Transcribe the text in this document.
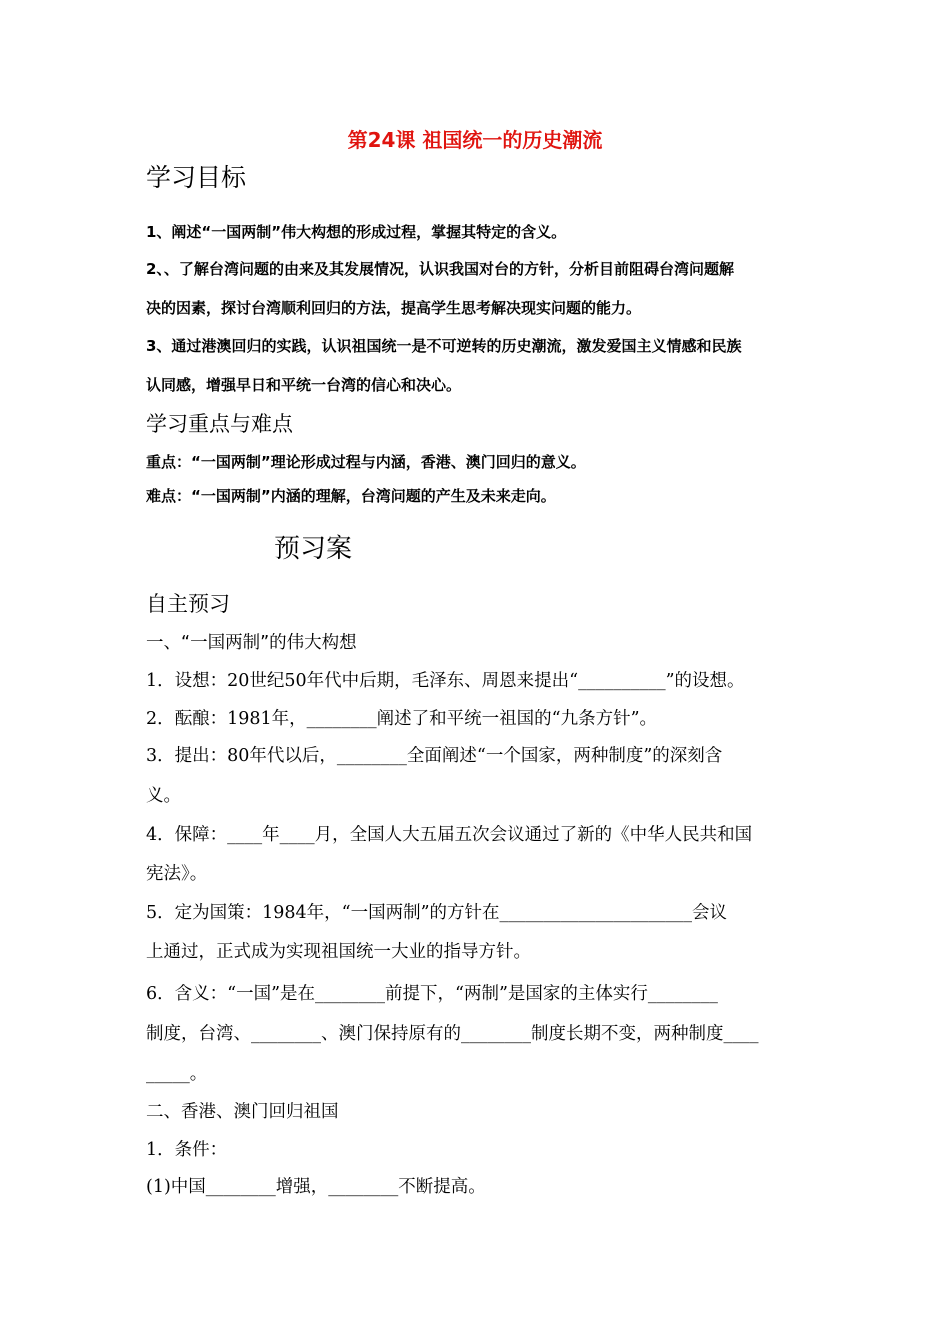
第24课 祖国统一的历史潮流
学习目标
1、阐述“一国两制”伟大构想的形成过程，掌握其特定的含义。
2、、了解台湾问题的由来及其发展情况，认识我国对台的方针，分析目前阻碍台湾问题解
决的因素，探讨台湾顺利回归的方法，提高学生思考解决现实问题的能力。
3、通过港澳回归的实践，认识祖国统一是不可逆转的历史潮流，激发爱国主义情感和民族
认同感，增强早日和平统一台湾的信心和决心。
学习重点与难点
重点：“一国两制”理论形成过程与内涵，香港、澳门回归的意义。
难点：“一国两制”内涵的理解，台湾问题的产生及未来走向。
预习案
自主预习
一、“一国两制”的伟大构想
1．设想：20世纪50年代中后期，毛泽东、周恩来提出“__________”的设想。
2．酝酿：1981年，________阐述了和平统一祖国的“九条方针”。
3．提出：80年代以后，________全面阐述“一个国家，两种制度”的深刻含
义。
4．保障：____年____月，全国人大五届五次会议通过了新的《中华人民共和国
宪法》。
5．定为国策：1984年，“一国两制”的方针在______________________会议
上通过，正式成为实现祖国统一大业的指导方针。
6．含义：“一国”是在________前提下，“两制”是国家的主体实行________
制度，台湾、________、澳门保持原有的________制度长期不变，两种制度____
_____。
二、香港、澳门回归祖国
1．条件：
(1)中国________增强，________不断提高。
